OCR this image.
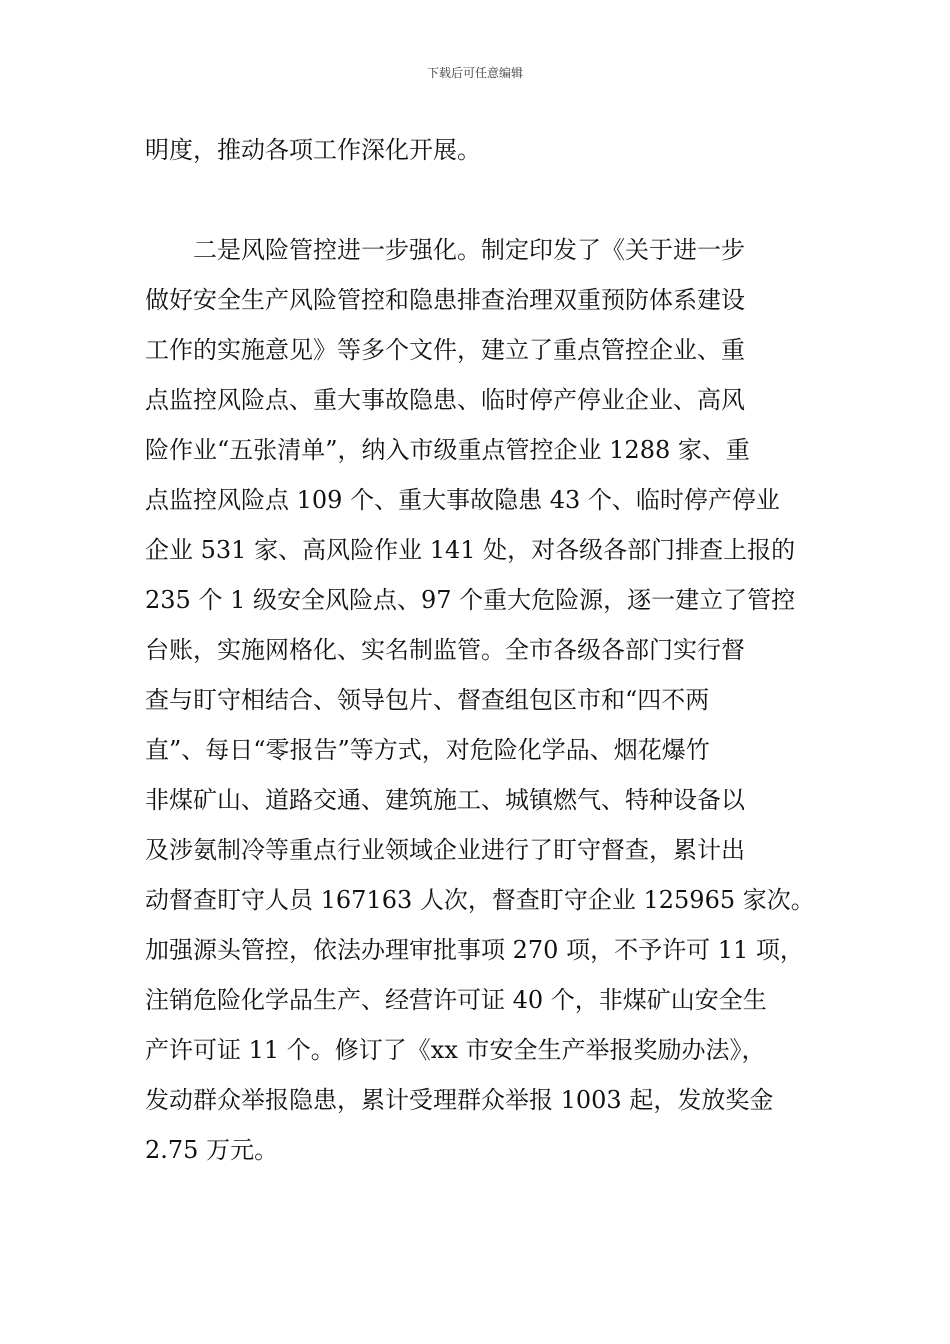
下载后可任意编辑
明度，推动各项工作深化开展。
　　二是风险管控进一步强化。制定印发了《关于进一步
做好安全生产风险管控和隐患排查治理双重预防体系建设
工作的实施意见》等多个文件，建立了重点管控企业、重
点监控风险点、重大事故隐患、临时停产停业企业、高风
险作业“五张清单”，纳入市级重点管控企业 1288 家、重
点监控风险点 109 个、重大事故隐患 43 个、临时停产停业
企业 531 家、高风险作业 141 处，对各级各部门排查上报的
235 个 1 级安全风险点、97 个重大危险源，逐一建立了管控
台账，实施网格化、实名制监管。全市各级各部门实行督
查与盯守相结合、领导包片、督查组包区市和“四不两
直”、每日“零报告”等方式，对危险化学品、烟花爆竹
非煤矿山、道路交通、建筑施工、城镇燃气、特种设备以
及涉氨制冷等重点行业领域企业进行了盯守督查，累计出
动督查盯守人员 167163 人次，督查盯守企业 125965 家次。
加强源头管控，依法办理审批事项 270 项，不予许可 11 项，
注销危险化学品生产、经营许可证 40 个，非煤矿山安全生
产许可证 11 个。修订了《xx 市安全生产举报奖励办法》，
发动群众举报隐患，累计受理群众举报 1003 起，发放奖金
2.75 万元。
